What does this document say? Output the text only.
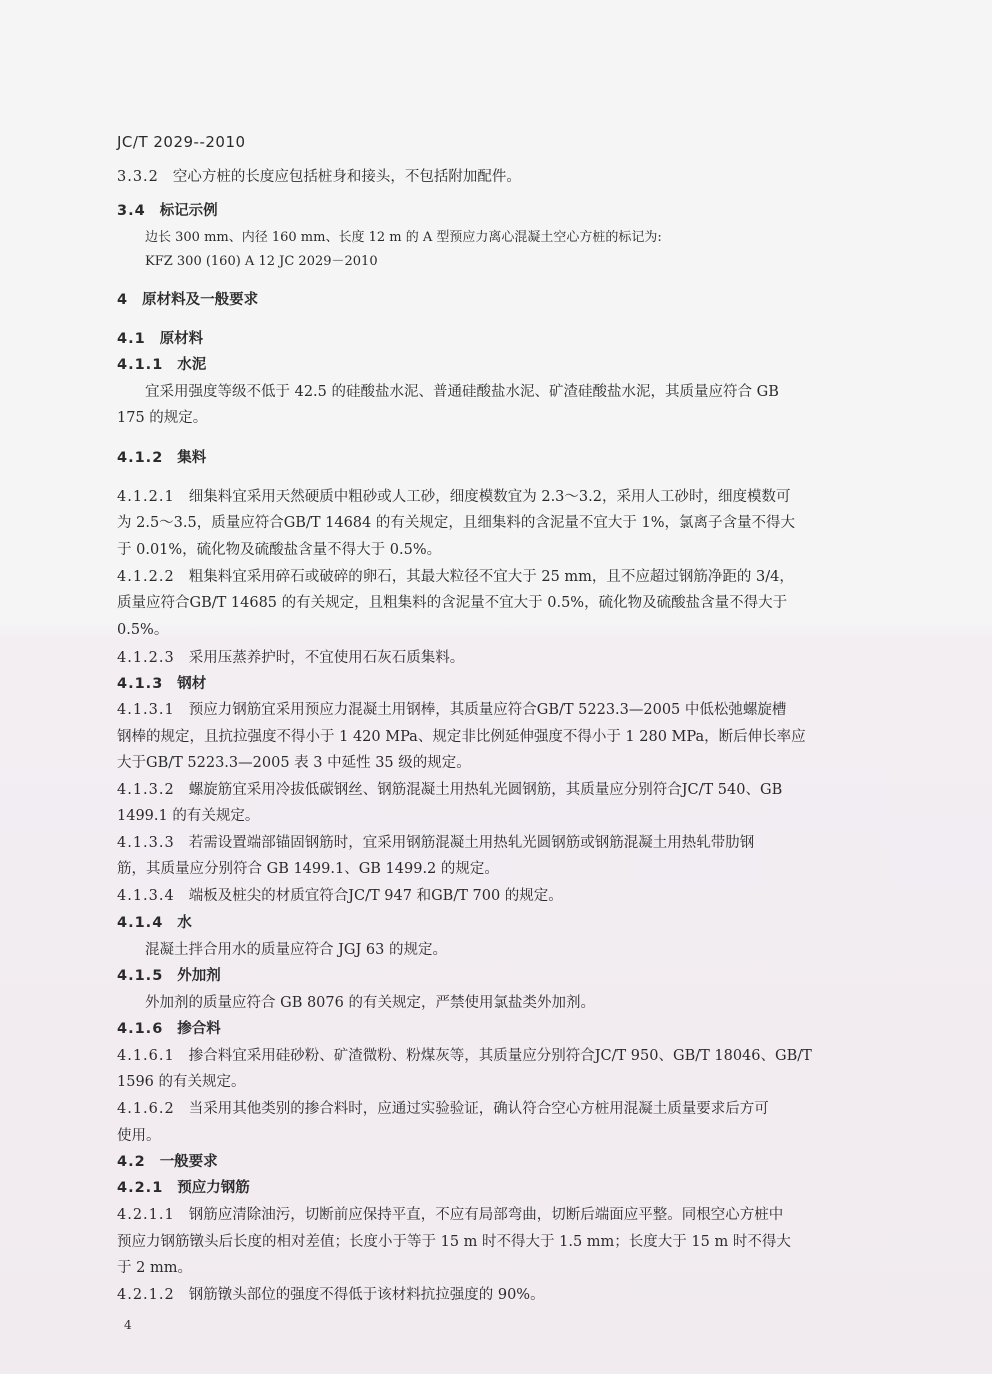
JC/T 2029--2010
3.3.2 空心方桩的长度应包括桩身和接头，不包括附加配件。
3.4 标记示例
边长 300 mm、内径 160 mm、长度 12 m 的 A 型预应力离心混凝土空心方桩的标记为:
KFZ 300 (160) A 12 JC 2029－2010
4 原材料及一般要求
4.1 原材料
4.1.1 水泥
宜采用强度等级不低于 42.5 的硅酸盐水泥、普通硅酸盐水泥、矿渣硅酸盐水泥，其质量应符合 GB
175 的规定。
4.1.2 集料
4.1.2.1 细集料宜采用天然硬质中粗砂或人工砂，细度模数宜为 2.3～3.2，采用人工砂时，细度模数可
为 2.5～3.5，质量应符合GB/T 14684 的有关规定，且细集料的含泥量不宜大于 1%，氯离子含量不得大
于 0.01%，硫化物及硫酸盐含量不得大于 0.5%。
4.1.2.2 粗集料宜采用碎石或破碎的卵石，其最大粒径不宜大于 25 mm，且不应超过钢筋净距的 3/4，
质量应符合GB/T 14685 的有关规定，且粗集料的含泥量不宜大于 0.5%，硫化物及硫酸盐含量不得大于
0.5%。
4.1.2.3 采用压蒸养护时，不宜使用石灰石质集料。
4.1.3 钢材
4.1.3.1 预应力钢筋宜采用预应力混凝土用钢棒，其质量应符合GB/T 5223.3—2005 中低松弛螺旋槽
钢棒的规定，且抗拉强度不得小于 1 420 MPa、规定非比例延伸强度不得小于 1 280 MPa，断后伸长率应
大于GB/T 5223.3—2005 表 3 中延性 35 级的规定。
4.1.3.2 螺旋筋宜采用冷拔低碳钢丝、钢筋混凝土用热轧光圆钢筋，其质量应分别符合JC/T 540、GB
1499.1 的有关规定。
4.1.3.3 若需设置端部锚固钢筋时，宜采用钢筋混凝土用热轧光圆钢筋或钢筋混凝土用热轧带肋钢
筋，其质量应分别符合 GB 1499.1、GB 1499.2 的规定。
4.1.3.4 端板及桩尖的材质宜符合JC/T 947 和GB/T 700 的规定。
4.1.4 水
混凝土拌合用水的质量应符合 JGJ 63 的规定。
4.1.5 外加剂
外加剂的质量应符合 GB 8076 的有关规定，严禁使用氯盐类外加剂。
4.1.6 掺合料
4.1.6.1 掺合料宜采用硅砂粉、矿渣微粉、粉煤灰等，其质量应分别符合JC/T 950、GB/T 18046、GB/T
1596 的有关规定。
4.1.6.2 当采用其他类别的掺合料时，应通过实验验证，确认符合空心方桩用混凝土质量要求后方可
使用。
4.2 一般要求
4.2.1 预应力钢筋
4.2.1.1 钢筋应清除油污，切断前应保持平直，不应有局部弯曲，切断后端面应平整。同根空心方桩中
预应力钢筋镦头后长度的相对差值；长度小于等于 15 m 时不得大于 1.5 mm；长度大于 15 m 时不得大
于 2 mm。
4.2.1.2 钢筋镦头部位的强度不得低于该材料抗拉强度的 90%。
4
